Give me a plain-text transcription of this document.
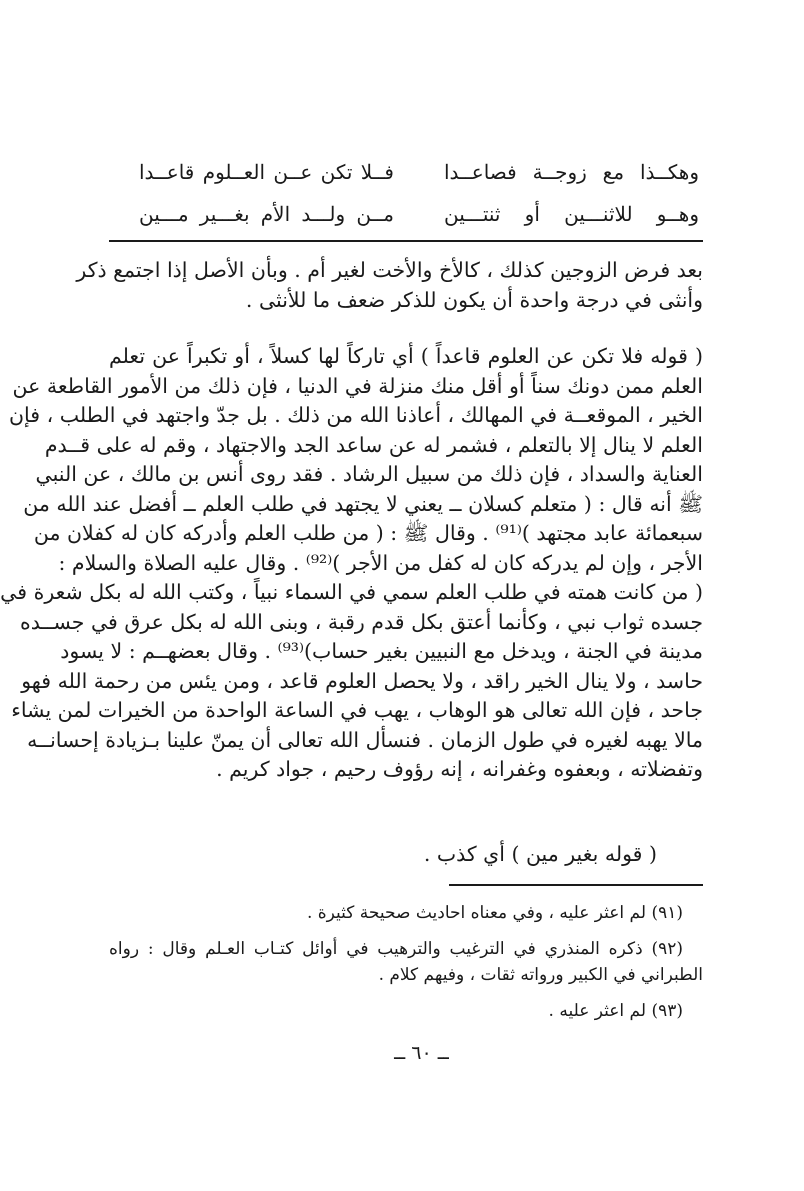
وهكــذا مع زوجــة فصاعــدا
فــلا تكن عــن العــلوم قاعــدا
وهــو للاثنـــين أو ثنتـــين
مــن ولـــد الأم بغـــير مـــين
بعد فرض الزوجين كذلك ، كالأخ والأخت لغير أم . وبأن الأصل إذا اجتمع ذكر
وأنثى في درجة واحدة أن يكون للذكر ضعف ما للأنثى .
( قوله فلا تكن عن العلوم قاعداً ) أي تاركاً لها كسلاً ، أو تكبراً عن تعلم
العلم ممن دونك سناً أو أقل منك منزلة في الدنيا ، فإن ذلك من الأمور القاطعة عن
الخير ، الموقعــة في المهالك ، أعاذنا الله من ذلك . بل جدّ واجتهد في الطلب ، فإن
العلم لا ينال إلا بالتعلم ، فشمر له عن ساعد الجد والاجتهاد ، وقم له على قــدم
العناية والسداد ، فإن ذلك من سبيل الرشاد . فقد روى أنس بن مالك ، عن النبي
ﷺ أنه قال : ( متعلم كسلان ــ يعني لا يجتهد في طلب العلم ــ أفضل عند الله من
سبعمائة عابد مجتهد )⁽⁹¹⁾ . وقال ﷺ : ( من طلب العلم وأدركه كان له كفلان من
الأجر ، وإن لم يدركه كان له كفل من الأجر )⁽⁹²⁾ . وقال عليه الصلاة والسلام :
( من كانت همته في طلب العلم سمي في السماء نبياً ، وكتب الله له بكل شعرة في
جسده ثواب نبي ، وكأنما أعتق بكل قدم رقبة ، وبنى الله له بكل عرق في جســده
مدينة في الجنة ، ويدخل مع النبيين بغير حساب)⁽⁹³⁾ . وقال بعضهــم : لا يسود
حاسد ، ولا ينال الخير راقد ، ولا يحصل العلوم قاعد ، ومن يئس من رحمة الله فهو
جاحد ، فإن الله تعالى هو الوهاب ، يهب في الساعة الواحدة من الخيرات لمن يشاء
مالا يهبه لغيره في طول الزمان . فنسأل الله تعالى أن يمنّ علينا بـزيادة إحسانــه
وتفضلاته ، وبعفوه وغفرانه ، إنه رؤوف رحيم ، جواد كريم .
( قوله بغير مين ) أي كذب .
(٩١) لم اعثر عليه ، وفي معناه احاديث صحيحة كثيرة .
(٩٢) ذكره المنذري في الترغيب والترهيب في أوائل كتـاب العـلم وقال : رواه
الطبراني في الكبير ورواته ثقات ، وفيهم كلام .
(٩٣) لم اعثر عليه .
ــ ٦٠ ــ
